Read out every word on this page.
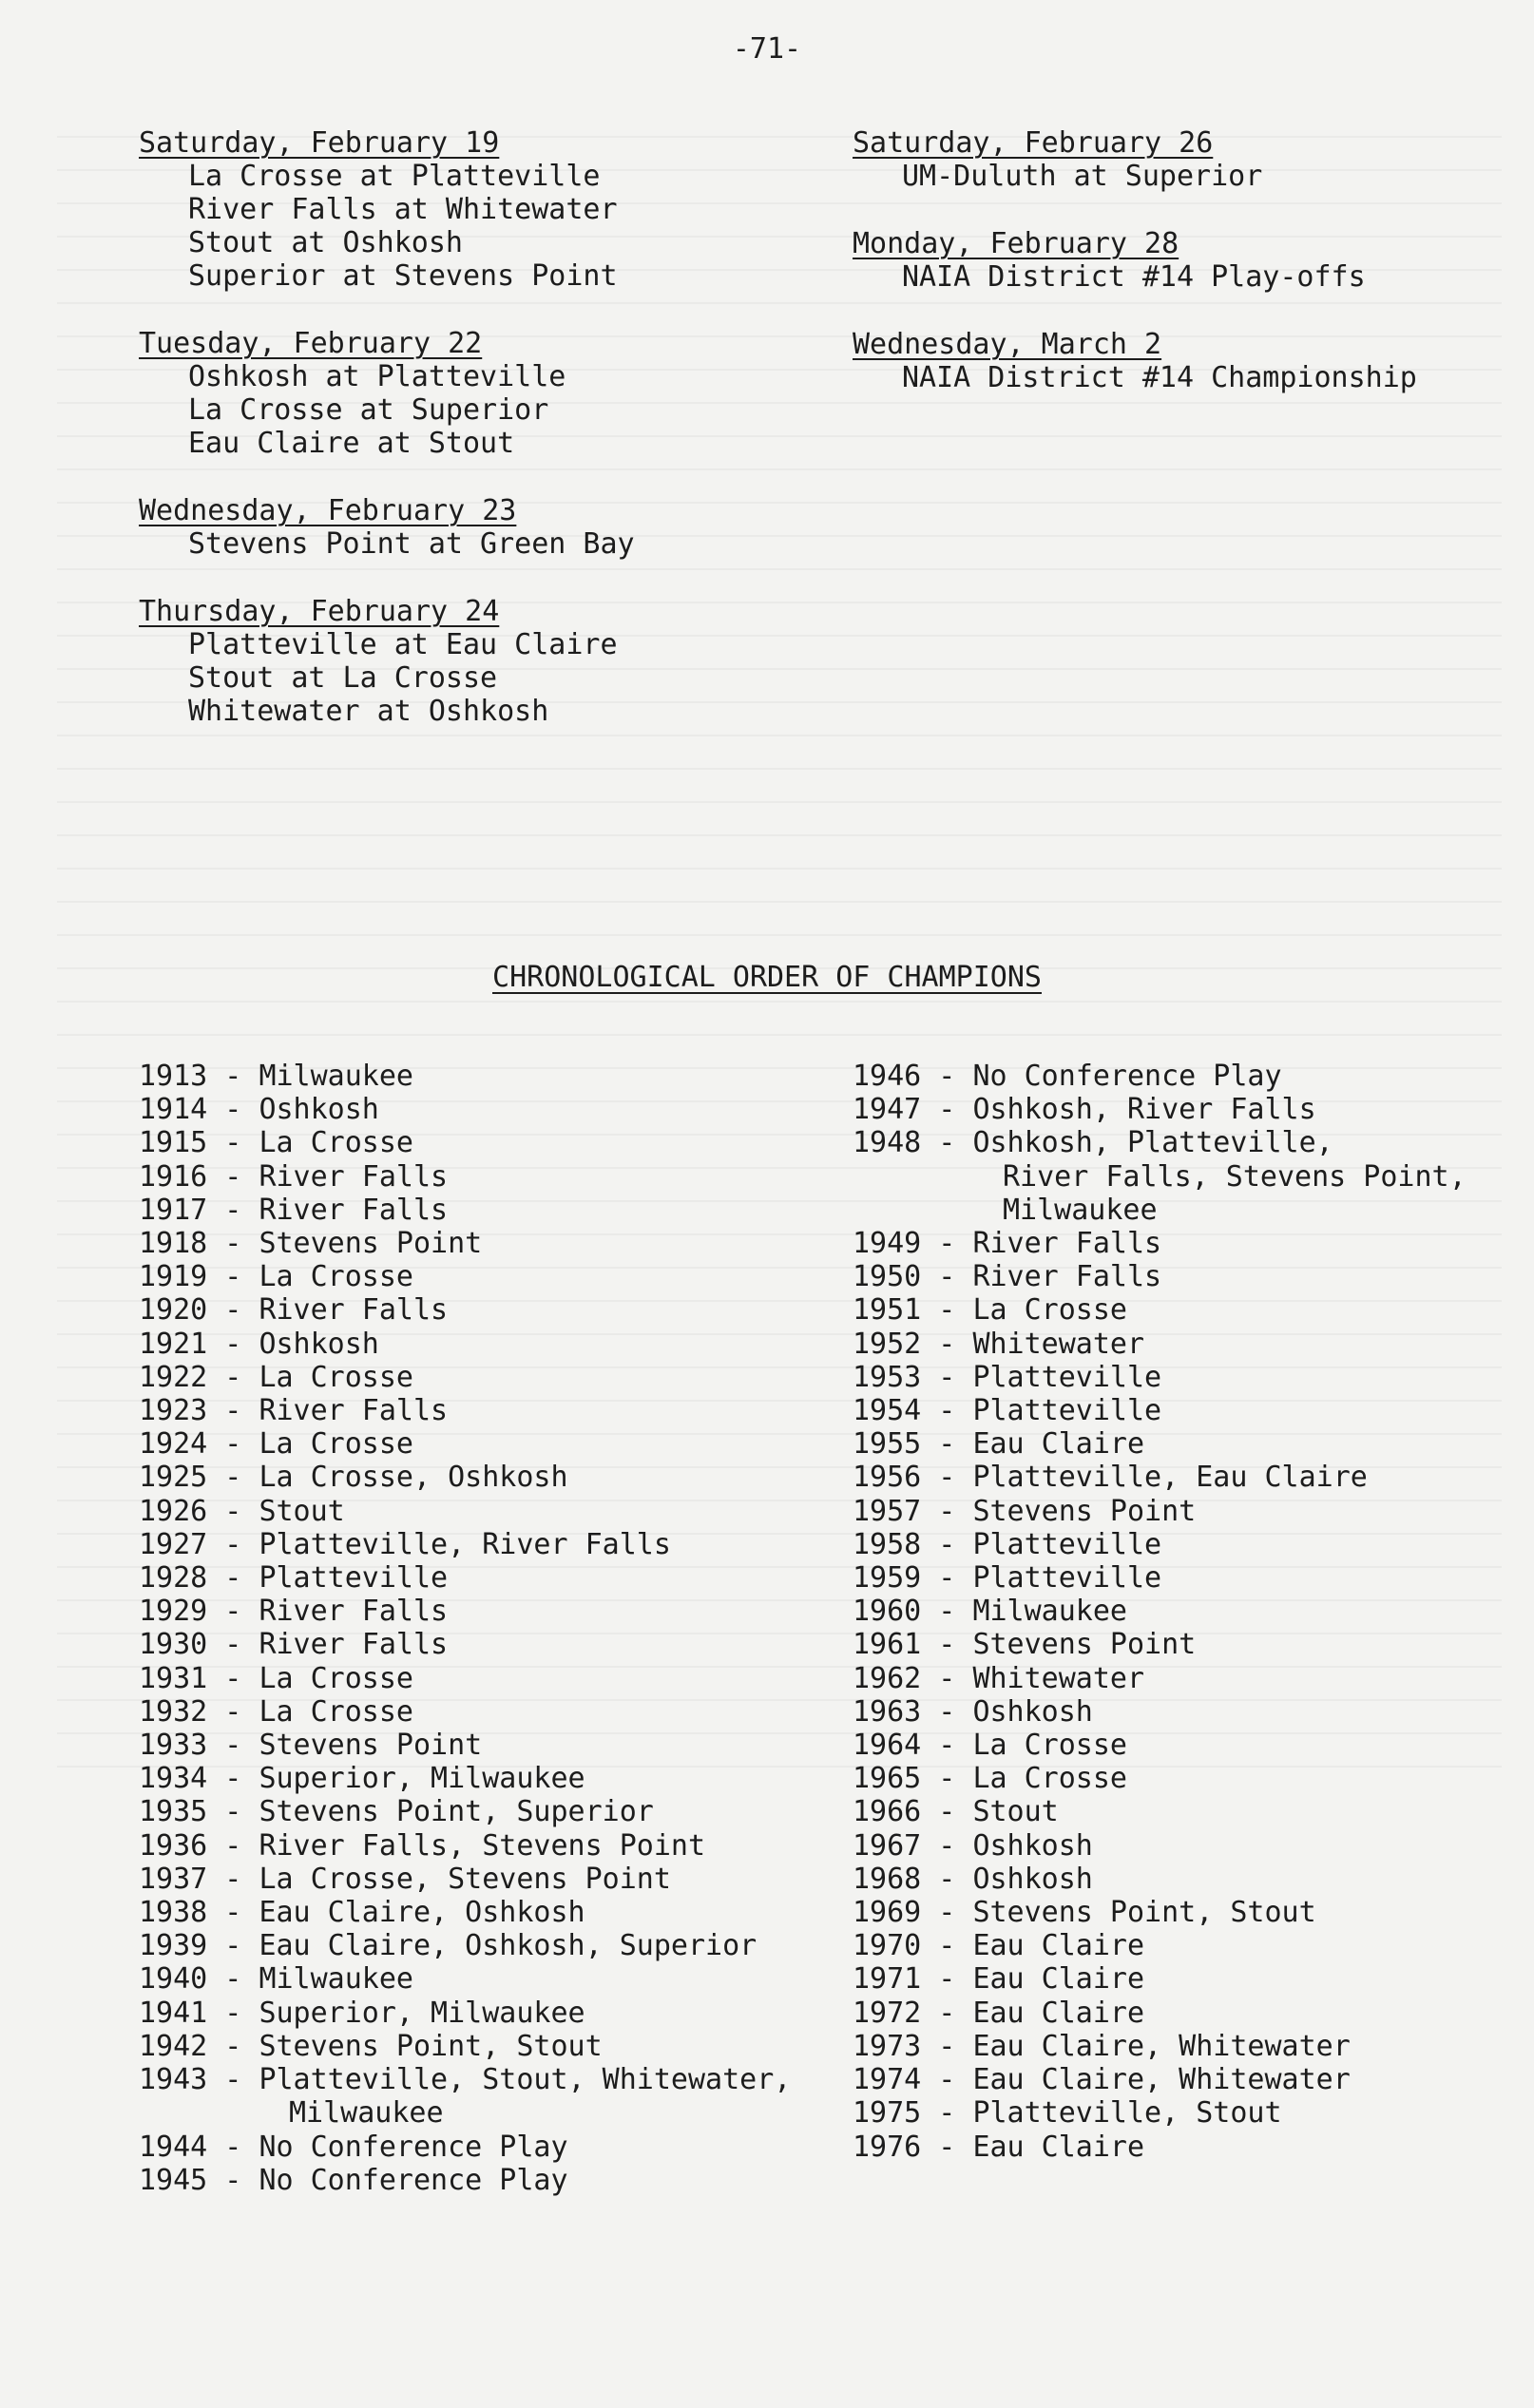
-71-
Saturday, February 19
La Crosse at Platteville
River Falls at Whitewater
Stout at Oshkosh
Superior at Stevens Point
Tuesday, February 22
Oshkosh at Platteville
La Crosse at Superior
Eau Claire at Stout
Wednesday, February 23
Stevens Point at Green Bay
Thursday, February 24
Platteville at Eau Claire
Stout at La Crosse
Whitewater at Oshkosh
Saturday, February 26
UM-Duluth at Superior
Monday, February 28
NAIA District #14 Play-offs
Wednesday, March 2
NAIA District #14 Championship
CHRONOLOGICAL ORDER OF CHAMPIONS
1913 - Milwaukee
1914 - Oshkosh
1915 - La Crosse
1916 - River Falls
1917 - River Falls
1918 - Stevens Point
1919 - La Crosse
1920 - River Falls
1921 - Oshkosh
1922 - La Crosse
1923 - River Falls
1924 - La Crosse
1925 - La Crosse, Oshkosh
1926 - Stout
1927 - Platteville, River Falls
1928 - Platteville
1929 - River Falls
1930 - River Falls
1931 - La Crosse
1932 - La Crosse
1933 - Stevens Point
1934 - Superior, Milwaukee
1935 - Stevens Point, Superior
1936 - River Falls, Stevens Point
1937 - La Crosse, Stevens Point
1938 - Eau Claire, Oshkosh
1939 - Eau Claire, Oshkosh, Superior
1940 - Milwaukee
1941 - Superior, Milwaukee
1942 - Stevens Point, Stout
1943 - Platteville, Stout, Whitewater,
Milwaukee
1944 - No Conference Play
1945 - No Conference Play
1946 - No Conference Play
1947 - Oshkosh, River Falls
1948 - Oshkosh, Platteville,
River Falls, Stevens Point,
Milwaukee
1949 - River Falls
1950 - River Falls
1951 - La Crosse
1952 - Whitewater
1953 - Platteville
1954 - Platteville
1955 - Eau Claire
1956 - Platteville, Eau Claire
1957 - Stevens Point
1958 - Platteville
1959 - Platteville
1960 - Milwaukee
1961 - Stevens Point
1962 - Whitewater
1963 - Oshkosh
1964 - La Crosse
1965 - La Crosse
1966 - Stout
1967 - Oshkosh
1968 - Oshkosh
1969 - Stevens Point, Stout
1970 - Eau Claire
1971 - Eau Claire
1972 - Eau Claire
1973 - Eau Claire, Whitewater
1974 - Eau Claire, Whitewater
1975 - Platteville, Stout
1976 - Eau Claire
